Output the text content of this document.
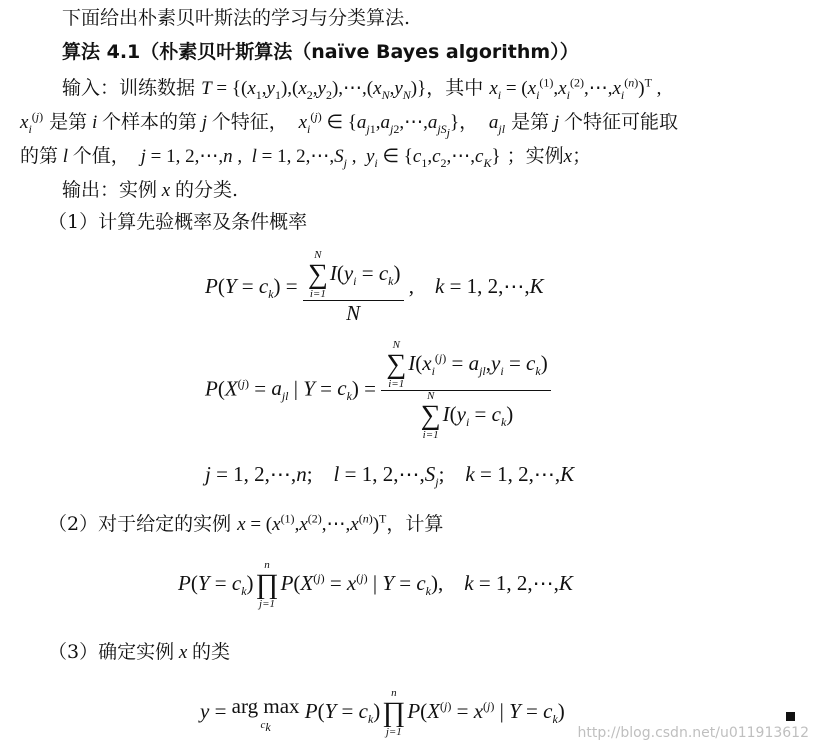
下面给出朴素贝叶斯法的学习与分类算法.
算法 4.1（朴素贝叶斯算法（naïve Bayes algorithm））
输入：训练数据 $T = \{(x_1,y_1),(x_2,y_2),\cdots,(x_N,y_N)\}$，其中 $x_i$ = $(x_i^{(1)},x_i^{(2)},\cdots,x_i^{(n)})^T$ ,
$x_i^{(j)}$ 是第 i 个样本的第 j 个特征， $x_i^{(j)}$ ∈ $\{a_{j1},a_{j2},\cdots,a_{jS_j}\}$，  $a_{jl}$ 是第 j 个特征可能取
的第 l 个值， j = 1, 2,⋯,n ,  l = 1, $2,\cdots,S_j$ ,  $y_i$ ∈ $\{c_1,c_2,\cdots,c_K\}$ ；实例x；
输出：实例 x 的分类.
（1）计算先验概率及条件概率
$P(Y = c_k) = N$
∑
i=1
$I(y_i = c_k)$
N ,    k = 1, 2,⋯,K
$P(X^{(j)} = a_{jl}$ | $Y = c_k) = N$
∑
i=1
$I(x_i^{(j)} = a_{jl},y_i = c_k)$
N
∑
i=1
$I(y_i = c_k)$
j = 1, 2,⋯,n;    l = 1, $2,\cdots,S_j$;    k = 1, 2,⋯,K
（2）对于给定的实例 $x = (x^{(1)},x^{(2)},\cdots,x^{(n)})^T$，计算
$P(Y = c_k)$
n
∏
j=1
$P(X^{(j)} = x^{(j)}$ | $Y = c_k$),    k = 1, 2,⋯,K
（3）确定实例 x 的类
y = arg max
$c_k$
$P(Y = c_k)$
n
∏
j=1
$P(X^{(j)} = x^{(j)}$ | $Y = c_k$)
http://blog.csdn.net/u011913612
